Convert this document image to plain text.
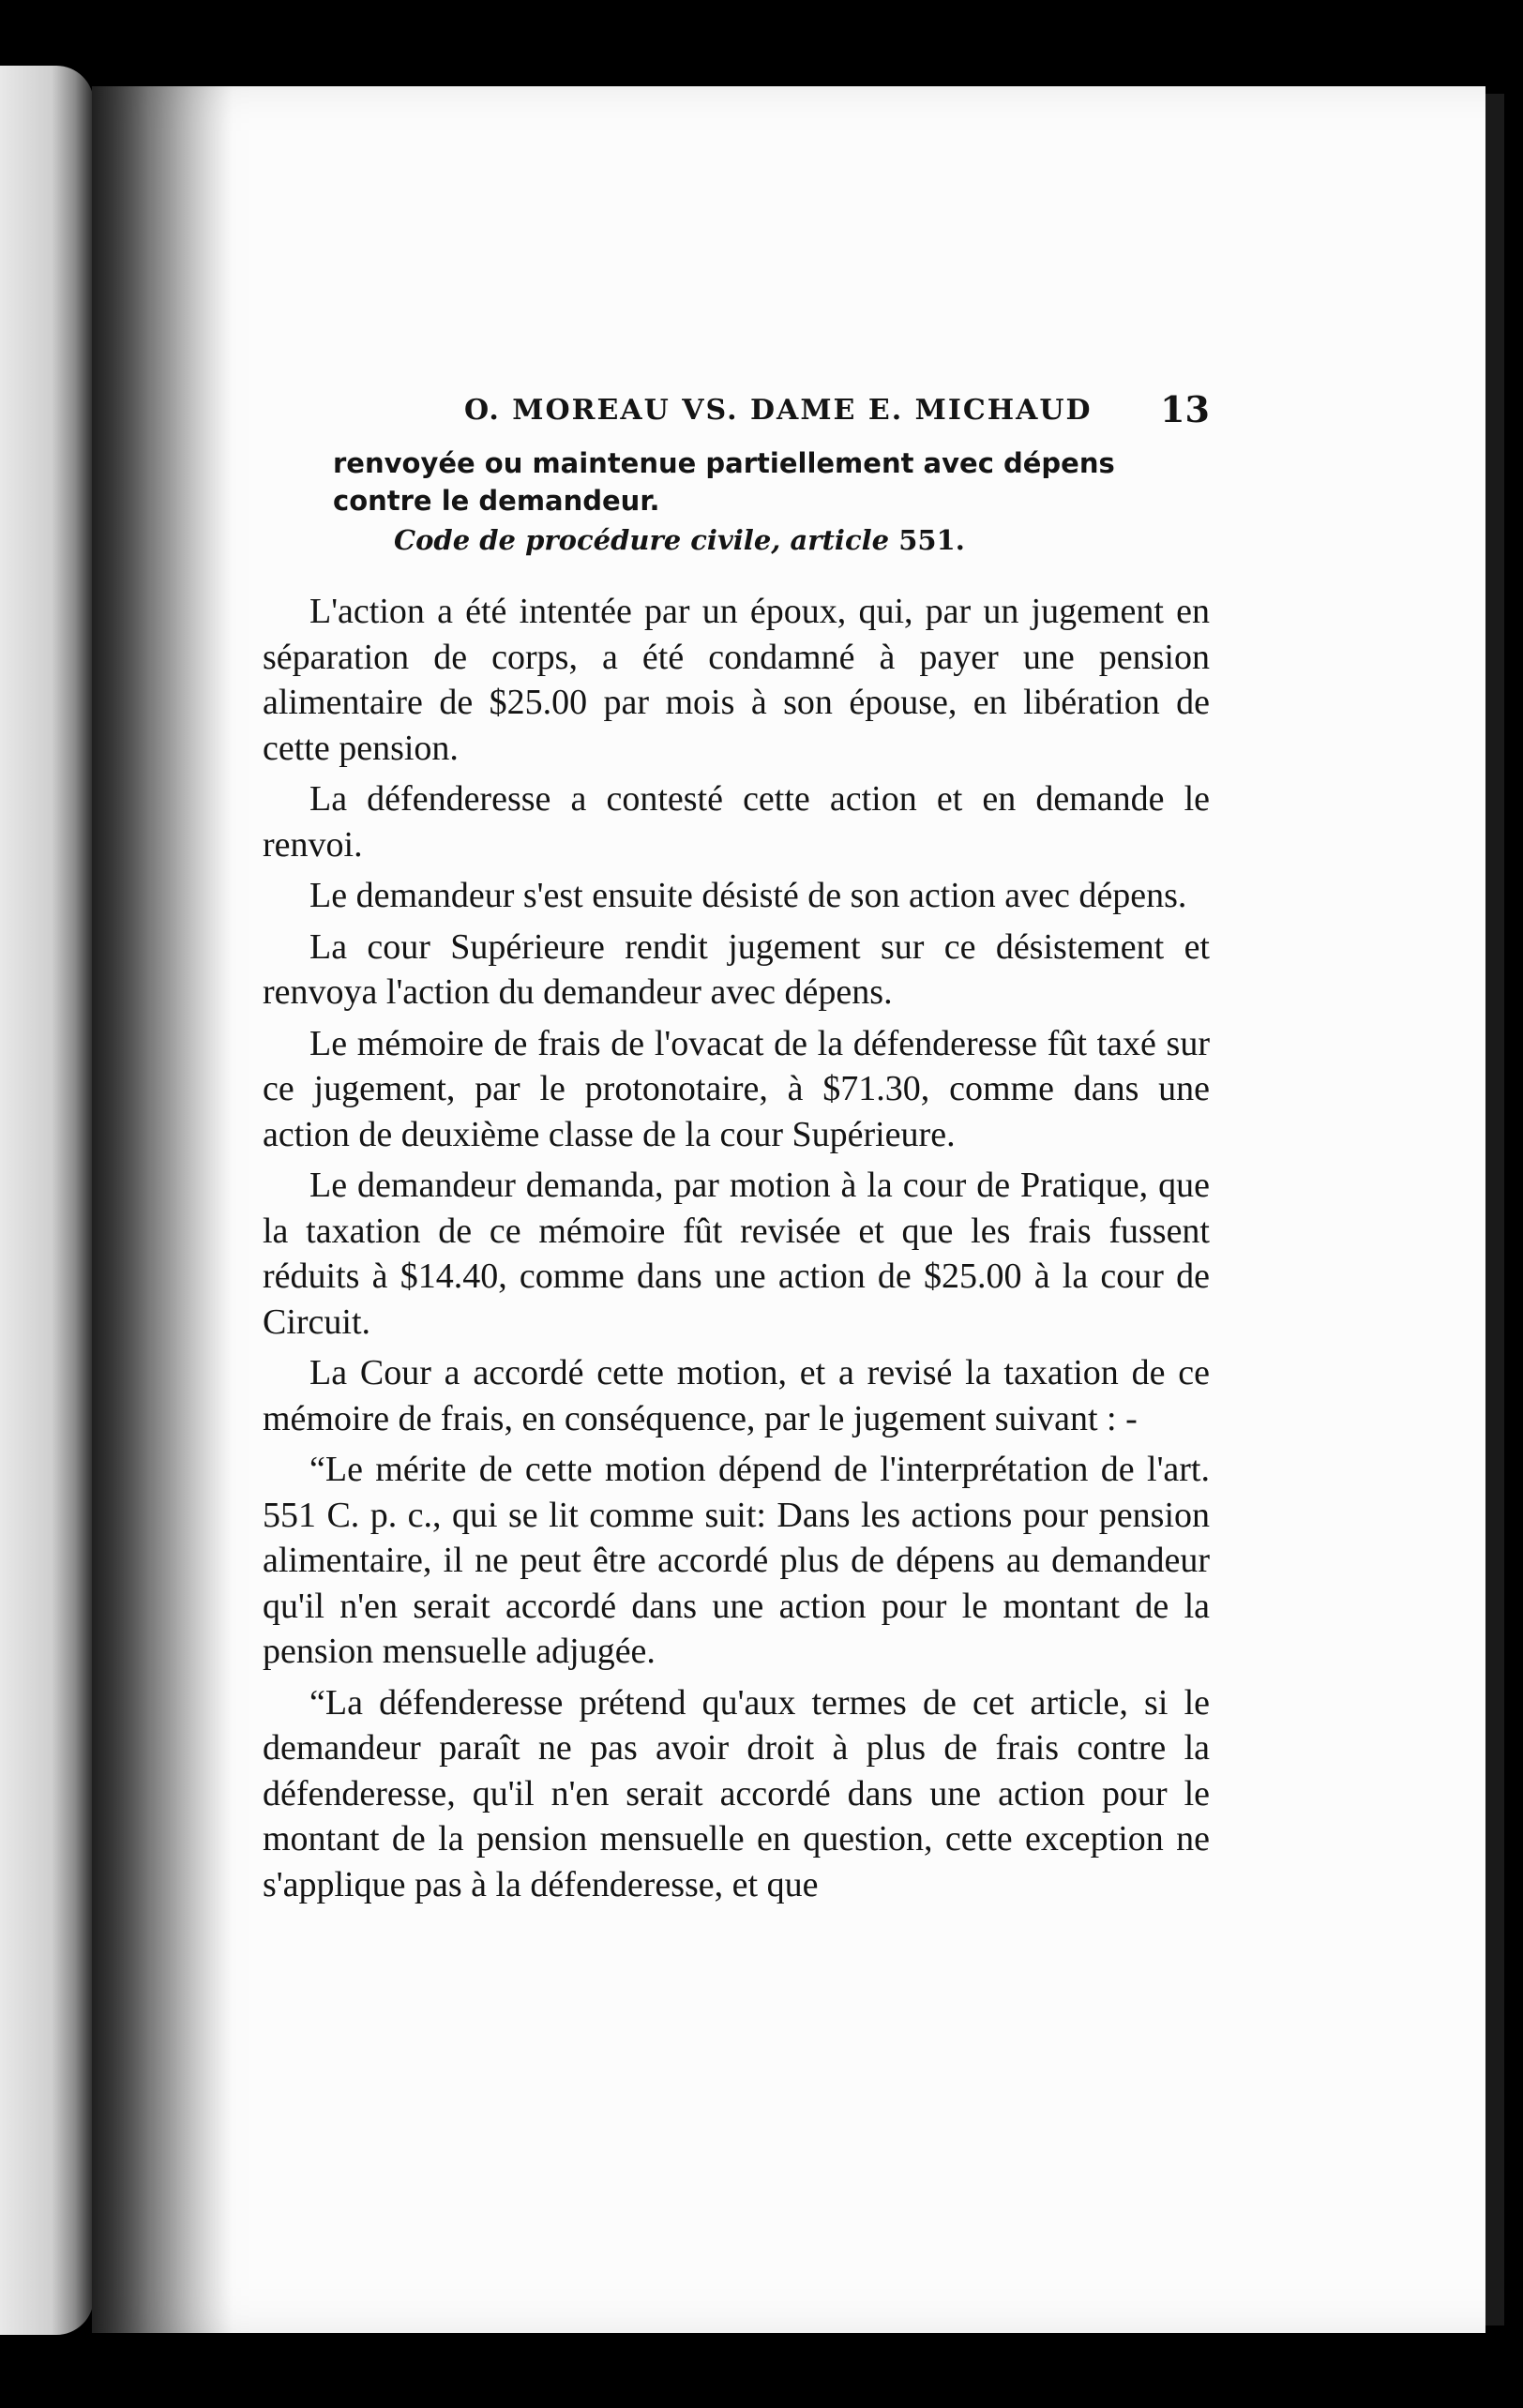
O. MOREAU VS. DAME E. MICHAUD 13
renvoyée ou maintenue partiellement avec dépens contre le demandeur.
Code de procédure civile, article 551.

L'action a été intentée par un époux, qui, par un jugement en séparation de corps, a été condamné à payer une pension alimentaire de $25.00 par mois à son épouse, en libération de cette pension.

La défenderesse a contesté cette action et en demande le renvoi.

Le demandeur s'est ensuite désisté de son action avec dépens.

La cour Supérieure rendit jugement sur ce désistement et renvoya l'action du demandeur avec dépens.

Le mémoire de frais de l'ovacat de la défenderesse fût taxé sur ce jugement, par le protonotaire, à $71.30, comme dans une action de deuxième classe de la cour Supérieure.

Le demandeur demanda, par motion à la cour de Pratique, que la taxation de ce mémoire fût revisée et que les frais fussent réduits à $14.40, comme dans une action de $25.00 à la cour de Circuit.

La Cour a accordé cette motion, et a revisé la taxation de ce mémoire de frais, en conséquence, par le jugement suivant : -

“Le mérite de cette motion dépend de l'interprétation de l'art. 551 C. p. c., qui se lit comme suit: Dans les actions pour pension alimentaire, il ne peut être accordé plus de dépens au demandeur qu'il n'en serait accordé dans une action pour le montant de la pension mensuelle adjugée.

“La défenderesse prétend qu'aux termes de cet article, si le demandeur paraît ne pas avoir droit à plus de frais contre la défenderesse, qu'il n'en serait accordé dans une action pour le montant de la pension mensuelle en question, cette exception ne s'applique pas à la défenderesse, et que
